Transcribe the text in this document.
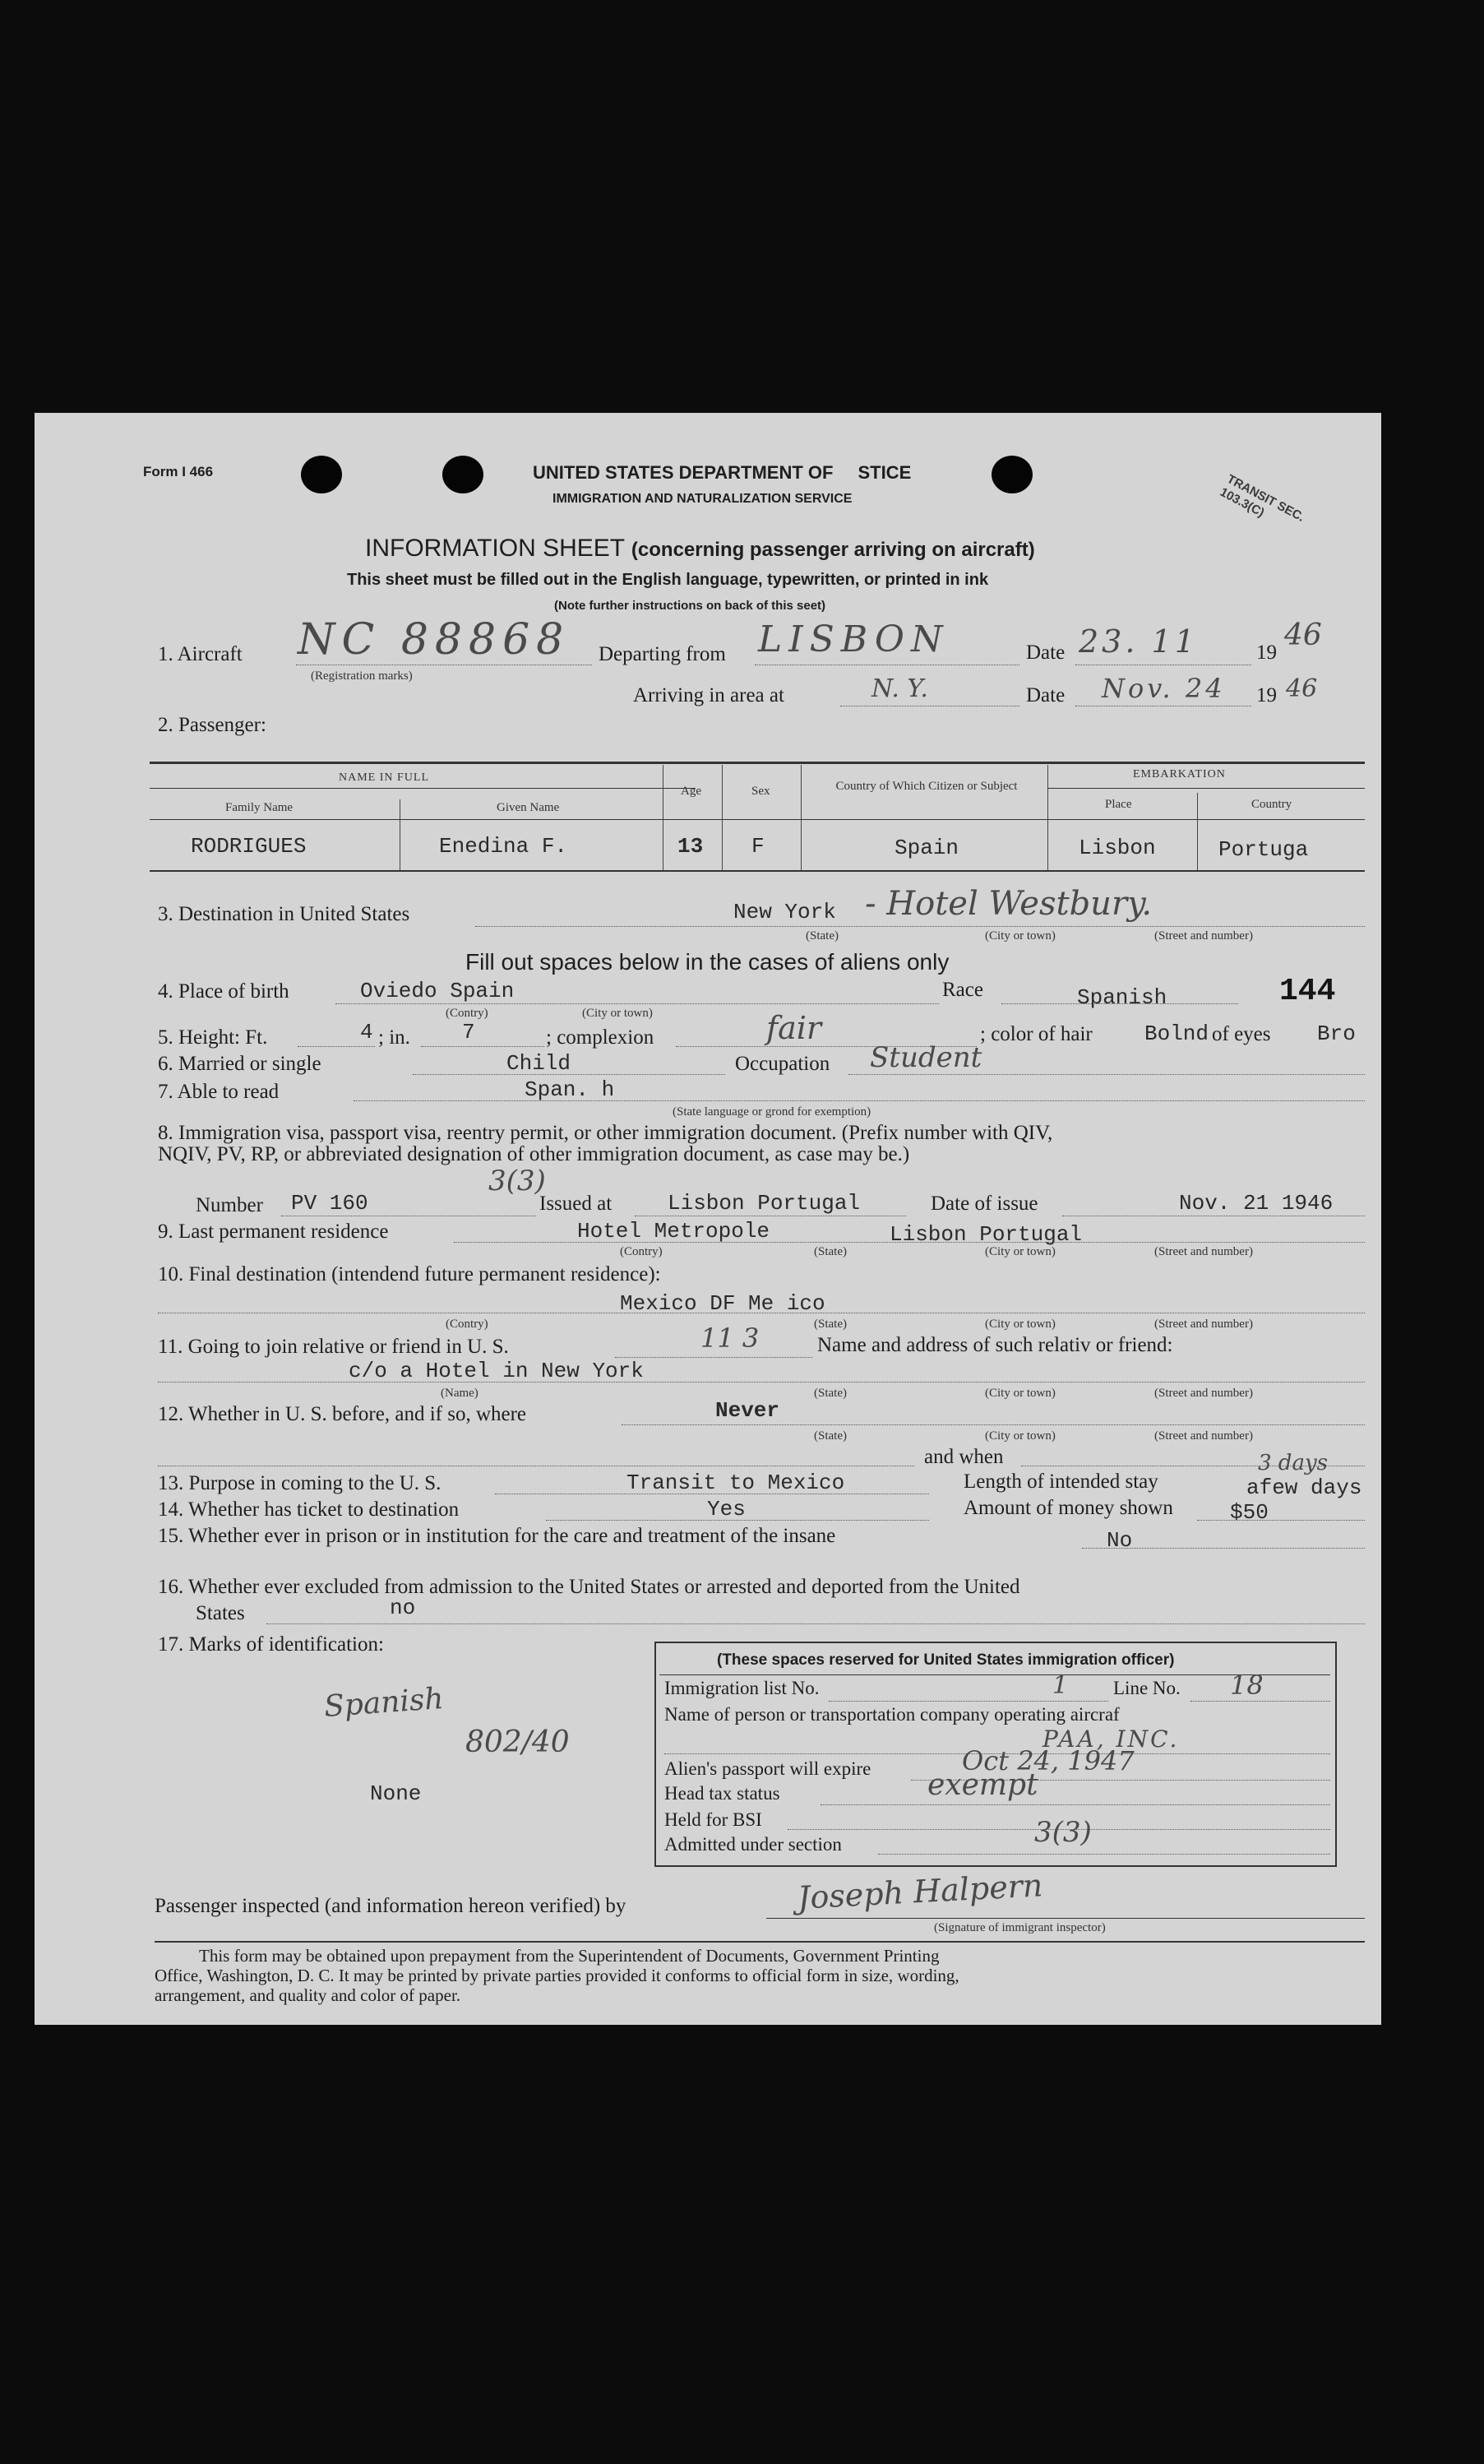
Form I 466	UNITED STATES DEPARTMENT OF STICE
IMMIGRATION AND NATURALIZATION SERVICE	TRANSIT SEC. 103.3(C)
INFORMATION SHEET (concerning passenger arriving on aircraft)
This sheet must be filled out in the English language, typewritten, or printed in ink
(Note further instructions on back of this seet)
1. Aircraft NC 88868
(Registration marks)
Departing from LISBON	Date 23. 11	19
46
Arriving in area at	N. Y.	Date Nov. 24 19 46
2. Passenger:
NAME IN FULL
Family Name	Given Name
Age	Sex	Country of Which Citizen or Subject
EMBARKATION
Place	Country
RODRIGUES	Enedina F.	13 F	Spain	Lisbon	Portuga
3. Destination in United States	New York - Hotel Westbury.
(State)	(City or town)	(Street and number)
Fill out spaces below in the cases of aliens only
4. Place of birth	Oviedo Spain
(Contry)	(City or town)
Race	Spanish	144
5. Height: Ft.	4 ; in. 7	; complexion	fair	; color of hair Bolnd of eyes Bro
6. Married or single	Child	Occupation Student
7. Able to read	Span. h
(State language or grond for exemption)
8. Immigration visa, passport visa, reentry permit, or other immigration document. (Prefix number with QIV,
NQIV, PV, RP, or abbreviated designation of other immigration document, as case may be.)
3(3)
Number PV 160	Issued at	Lisbon Portugal	Date of issue	Nov. 21 1946
9. Last permanent residence	Hotel Metropole	Lisbon Portugal
(Contry)	(State)	(City or town)	(Street and number)
10. Final destination (intendend future permanent residence):
Mexico DF Me ico
(Contry)	(State)	(City or town)	(Street and number)
11. Going to join relative or friend in U. S.	11 3	Name and address of such relativ or friend:
c/o a Hotel in New York
(Name)	(State)	(City or town)	(Street and number)
12. Whether in U. S. before, and if so, where	Never
(State)	(City or town)	(Street and number)
and when
13. Purpose in coming to the U. S.	Transit to Mexico	Length of intended stay
3 days
afew days
14. Whether has ticket to destination	Yes	Amount of money shown	$50
15. Whether ever in prison or in institution for the care and treatment of the insane	No
16. Whether ever excluded from admission to the United States or arrested and deported from the United
States	no
17. Marks of identification:
Spanish
802/40
None
(These spaces reserved for United States immigration officer)
Immigration list No.	1 Line No. 18
Name of person or transportation company operating aircraf
PAA, INC.
Alien's passport will expire	Oct 24, 1947
Head tax status	exempt
Held for BSI
Admitted under section	3(3)
Passenger inspected (and information hereon verified) by	Joseph Halpern
(Signature of immigrant inspector)
This form may be obtained upon prepayment from the Superintendent of Documents, Government Printing
Office, Washington, D. C. It may be printed by private parties provided it conforms to official form in size, wording,
arrangement, and quality and color of paper.
